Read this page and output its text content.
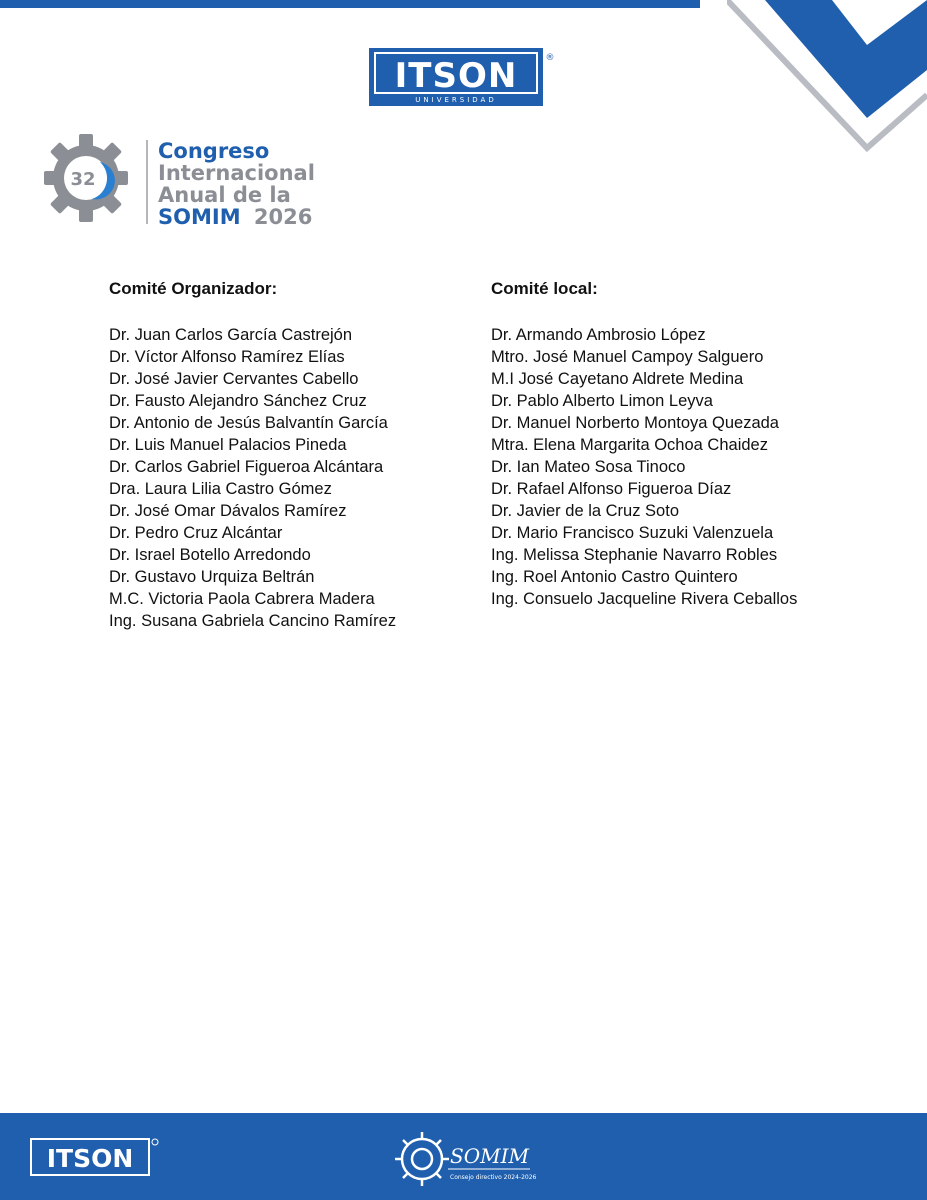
ITSON
UNIVERSIDAD
®
32
Congreso
Internacional
Anual de la
SOMIM 2026
Comité Organizador:
Dr. Juan Carlos García Castrejón
Dr. Víctor Alfonso Ramírez Elías
Dr. José Javier Cervantes Cabello
Dr. Fausto Alejandro Sánchez Cruz
Dr. Antonio de Jesús Balvantín García
Dr. Luis Manuel Palacios Pineda
Dr. Carlos Gabriel Figueroa Alcántara
Dra. Laura Lilia Castro Gómez
Dr. José Omar Dávalos Ramírez
Dr. Pedro Cruz Alcántar
Dr. Israel Botello Arredondo
Dr. Gustavo Urquiza Beltrán
M.C. Victoria Paola Cabrera Madera
Ing. Susana Gabriela Cancino Ramírez
Comité local:
Dr. Armando Ambrosio López
Mtro. José Manuel Campoy Salguero
M.I José Cayetano Aldrete Medina
Dr. Pablo Alberto Limon Leyva
Dr. Manuel Norberto Montoya Quezada
Mtra. Elena Margarita Ochoa Chaidez
Dr. Ian Mateo Sosa Tinoco
Dr. Rafael Alfonso Figueroa Díaz
Dr. Javier de la Cruz Soto
Dr. Mario Francisco Suzuki Valenzuela
Ing. Melissa Stephanie Navarro Robles
Ing. Roel Antonio Castro Quintero
Ing. Consuelo Jacqueline Rivera Ceballos
ITSON	SOMIM
Consejo directivo 2024-2026
